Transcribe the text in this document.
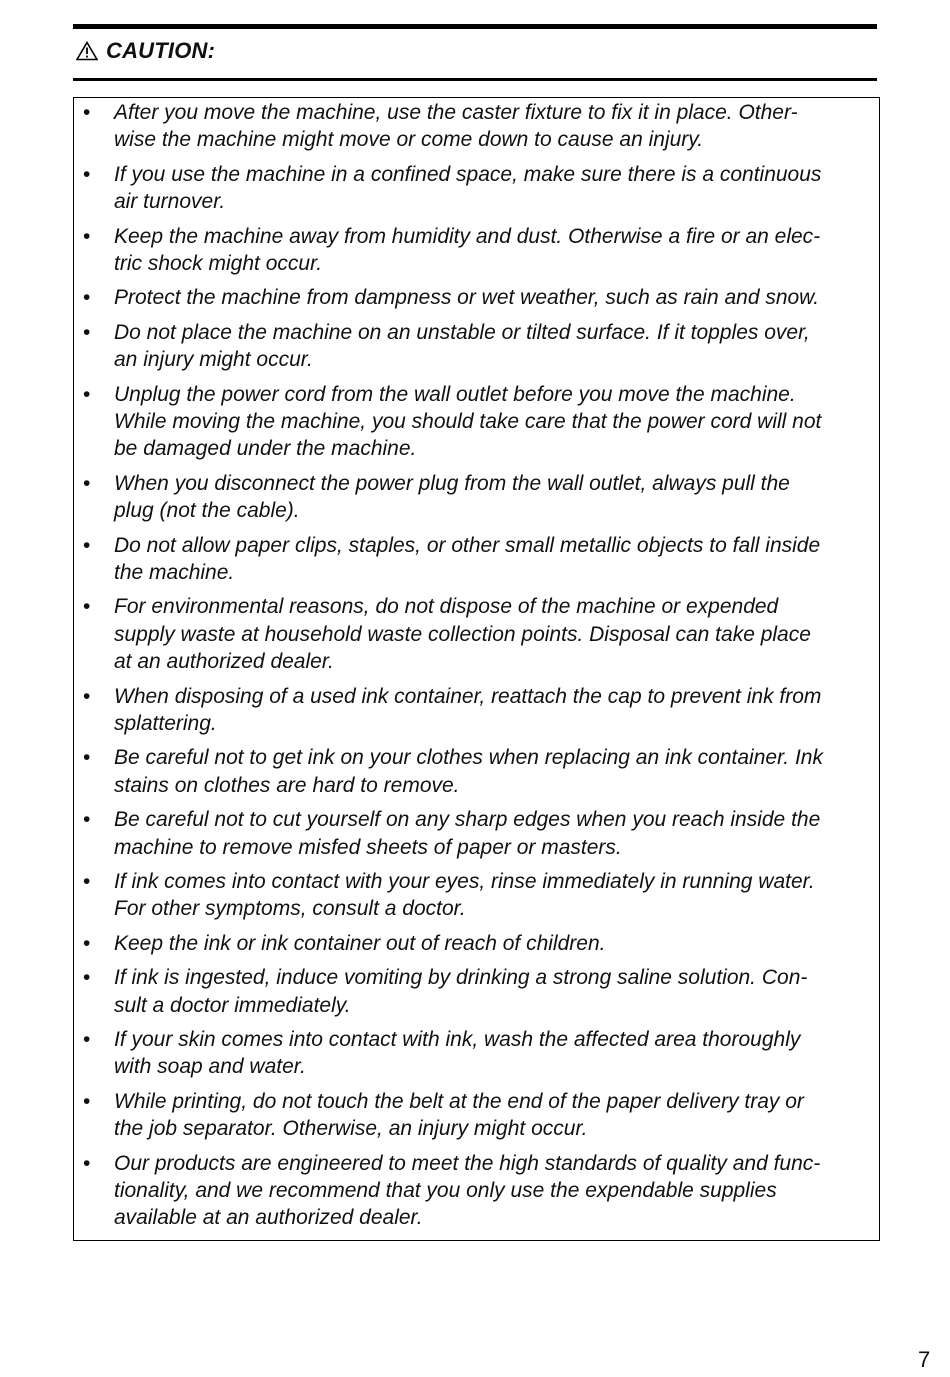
CAUTION:
• After you move the machine, use the caster fixture to fix it in place. Other-
wise the machine might move or come down to cause an injury.
• If you use the machine in a confined space, make sure there is a continuous
air turnover.
• Keep the machine away from humidity and dust. Otherwise a fire or an elec-
tric shock might occur.
• Protect the machine from dampness or wet weather, such as rain and snow.
• Do not place the machine on an unstable or tilted surface. If it topples over,
an injury might occur.
• Unplug the power cord from the wall outlet before you move the machine.
While moving the machine, you should take care that the power cord will not
be damaged under the machine.
• When you disconnect the power plug from the wall outlet, always pull the
plug (not the cable).
• Do not allow paper clips, staples, or other small metallic objects to fall inside
the machine.
• For environmental reasons, do not dispose of the machine or expended
supply waste at household waste collection points. Disposal can take place
at an authorized dealer.
• When disposing of a used ink container, reattach the cap to prevent ink from
splattering.
• Be careful not to get ink on your clothes when replacing an ink container. Ink
stains on clothes are hard to remove.
• Be careful not to cut yourself on any sharp edges when you reach inside the
machine to remove misfed sheets of paper or masters.
• If ink comes into contact with your eyes, rinse immediately in running water.
For other symptoms, consult a doctor.
• Keep the ink or ink container out of reach of children.
• If ink is ingested, induce vomiting by drinking a strong saline solution. Con-
sult a doctor immediately.
• If your skin comes into contact with ink, wash the affected area thoroughly
with soap and water.
• While printing, do not touch the belt at the end of the paper delivery tray or
the job separator. Otherwise, an injury might occur.
• Our products are engineered to meet the high standards of quality and func-
tionality, and we recommend that you only use the expendable supplies
available at an authorized dealer.
7
